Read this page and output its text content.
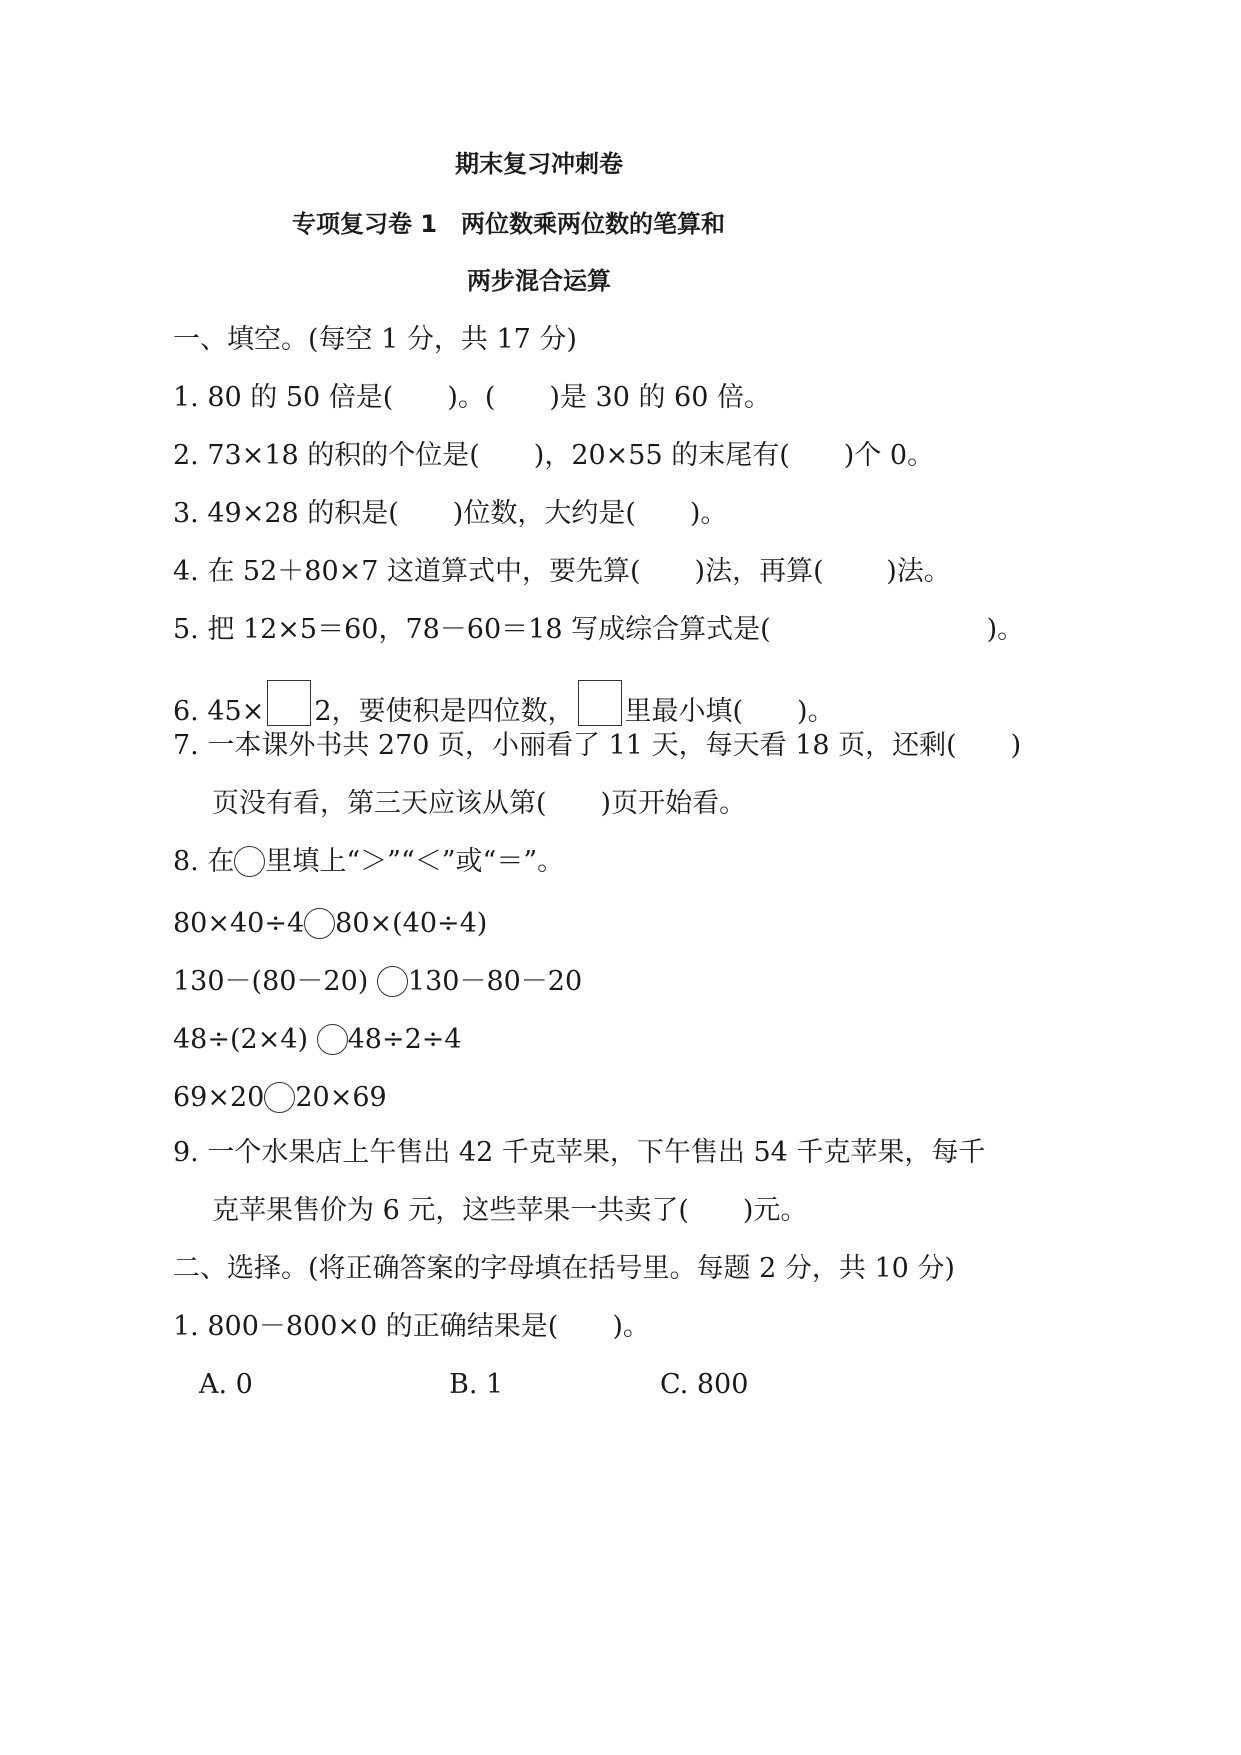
期末复习冲刺卷
专项复习卷 1　两位数乘两位数的笔算和
两步混合运算
一、填空。(每空 1 分，共 17 分)
1. 80 的 50 倍是(　　)。(　　)是 30 的 60 倍。
2. 73×18 的积的个位是(　　)，20×55 的末尾有(　　)个 0。
3. 49×28 的积是(　　)位数，大约是(　　)。
4. 在 52＋80×7 这道算式中，要先算(　　)法，再算(　　 )法。
5. 把 12×5＝60，78－60＝18 写成综合算式是(　　　　　　　　)。
6. 45× 2，要使积是四位数， 里最小填(　　)。
7. 一本课外书共 270 页，小丽看了 11 天，每天看 18 页，还剩(　　)
页没有看，第三天应该从第(　　)页开始看。
8. 在 里填上“＞”“＜”或“＝”。
80×40÷4 80×(40÷4)
130－(80－20) 130－80－20
48÷(2×4) 48÷2÷4
69×20 20×69
9. 一个水果店上午售出 42 千克苹果，下午售出 54 千克苹果，每千
克苹果售价为 6 元，这些苹果一共卖了(　　)元。
二、选择。(将正确答案的字母填在括号里。每题 2 分，共 10 分)
1. 800－800×0 的正确结果是(　　)。
A. 0	B. 1	C. 800
